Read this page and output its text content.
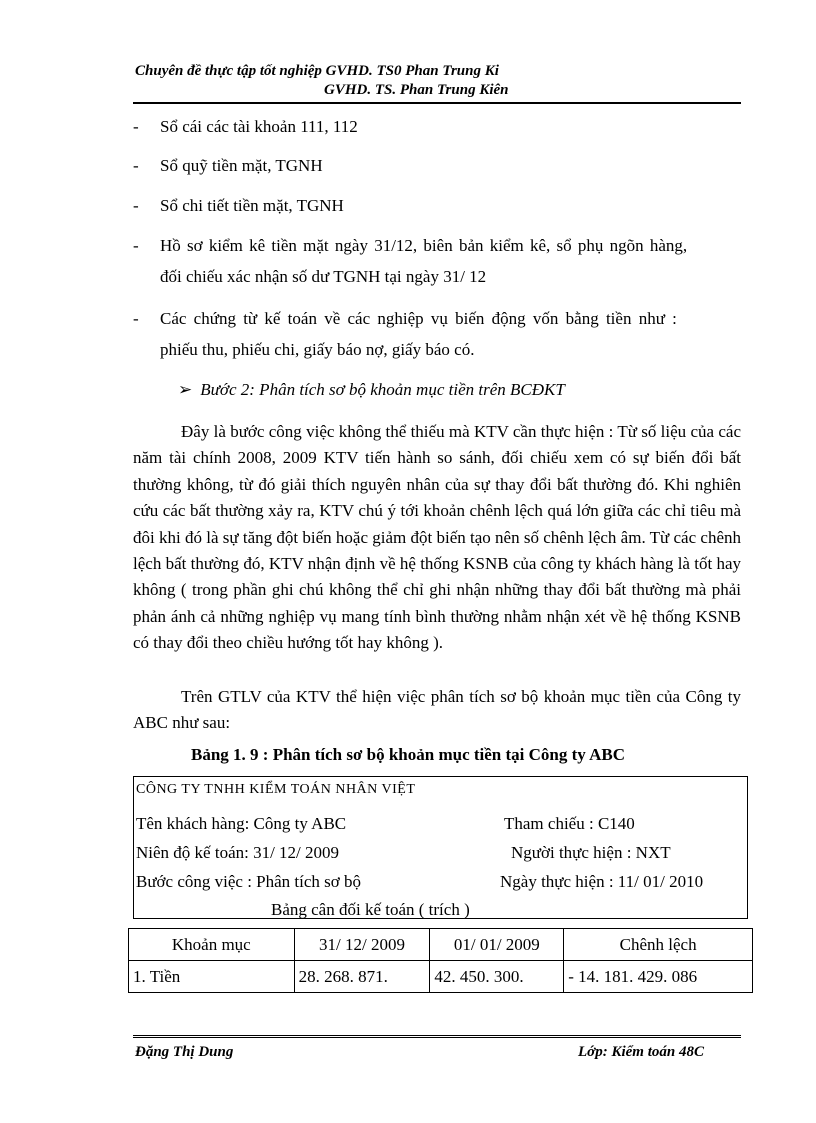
Chuyên đề thực tập tốt nghiệp GVHD. TS0 Phan Trung Ki
GVHD. TS. Phan Trung Kiên
- Sổ cái các tài khoản 111, 112
- Sổ quỹ tiền mặt, TGNH
- Sổ chi tiết tiền mặt, TGNH
- Hồ sơ kiểm kê tiền mặt ngày 31/12, biên bản kiểm kê, sổ phụ ngõn hàng,
đối chiếu xác nhận số dư TGNH tại ngày 31/ 12
- Các chứng từ kế toán về các nghiệp vụ biến động vốn bằng tiền như :
phiếu thu, phiếu chi, giấy báo nợ, giấy báo có.
➢ Bước 2: Phân tích sơ bộ khoản mục tiền trên BCĐKT
Đây là bước công việc không thể thiếu mà KTV cần thực hiện : Từ số liệu của các năm tài chính 2008, 2009 KTV tiến hành so sánh, đối chiếu xem có sự biến đổi bất thường không, từ đó giải thích nguyên nhân của sự thay đổi bất thường đó. Khi nghiên cứu các bất thường xảy ra, KTV chú ý tới khoản chênh lệch quá lớn giữa các chỉ tiêu mà đôi khi đó là sự tăng đột biến hoặc giảm đột biến tạo nên số chênh lệch âm. Từ các chênh lệch bất thường đó, KTV nhận định về hệ thống KSNB của công ty khách hàng là tốt hay không ( trong phần ghi chú không thể chỉ ghi nhận những thay đổi bất thường mà phải phản ánh cả những nghiệp vụ mang tính bình thường nhằm nhận xét về hệ thống KSNB có thay đổi theo chiều hướng tốt hay không ).
Trên GTLV của KTV thể hiện việc phân tích sơ bộ khoản mục tiền của Công ty ABC như sau:
Bảng 1. 9 : Phân tích sơ bộ khoản mục tiền tại Công ty ABC
CÔNG TY TNHH KIỂM TOÁN NHÂN VIỆT
Tên khách hàng: Công ty ABC	Tham chiếu : C140
Niên độ kế toán: 31/ 12/ 2009	Người thực hiện : NXT
Bước công việc : Phân tích sơ bộ	Ngày thực hiện : 11/ 01/ 2010
Bảng cân đối kế toán ( trích )
Khoản mục	31/ 12/ 2009	01/ 01/ 2009	Chênh lệch
1. Tiền	28. 268. 871.	42. 450. 300.	- 14. 181. 429. 086
Đặng Thị Dung	Lớp: Kiểm toán 48C
